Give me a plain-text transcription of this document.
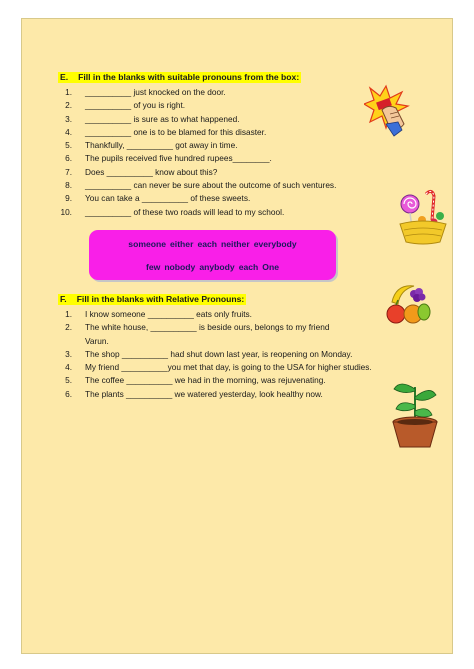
E. Fill in the blanks with suitable pronouns from the box:
1. __________ just knocked on the door.
2. __________ of you is right.
3. __________ is sure as to what happened.
4. __________ one is to be blamed for this disaster.
5. Thankfully, __________ got away in time.
6. The pupils received five hundred rupees________.
7. Does __________ know about this?
8. __________ can never be sure about the outcome of such ventures.
9. You can take a __________ of these sweets.
10. __________ of these two roads will lead to my school.
someone either each neither everybody
few nobody anybody each One
F. Fill in the blanks with Relative Pronouns:
1. I know someone __________ eats only fruits.
2. The white house, __________ is beside ours, belongs to my friend
Varun.
3. The shop __________ had shut down last year, is reopening on Monday.
4. My friend __________you met that day, is going to the USA for higher studies.
5. The coffee __________ we had in the morning, was rejuvenating.
6. The plants __________ we watered yesterday, look healthy now.
